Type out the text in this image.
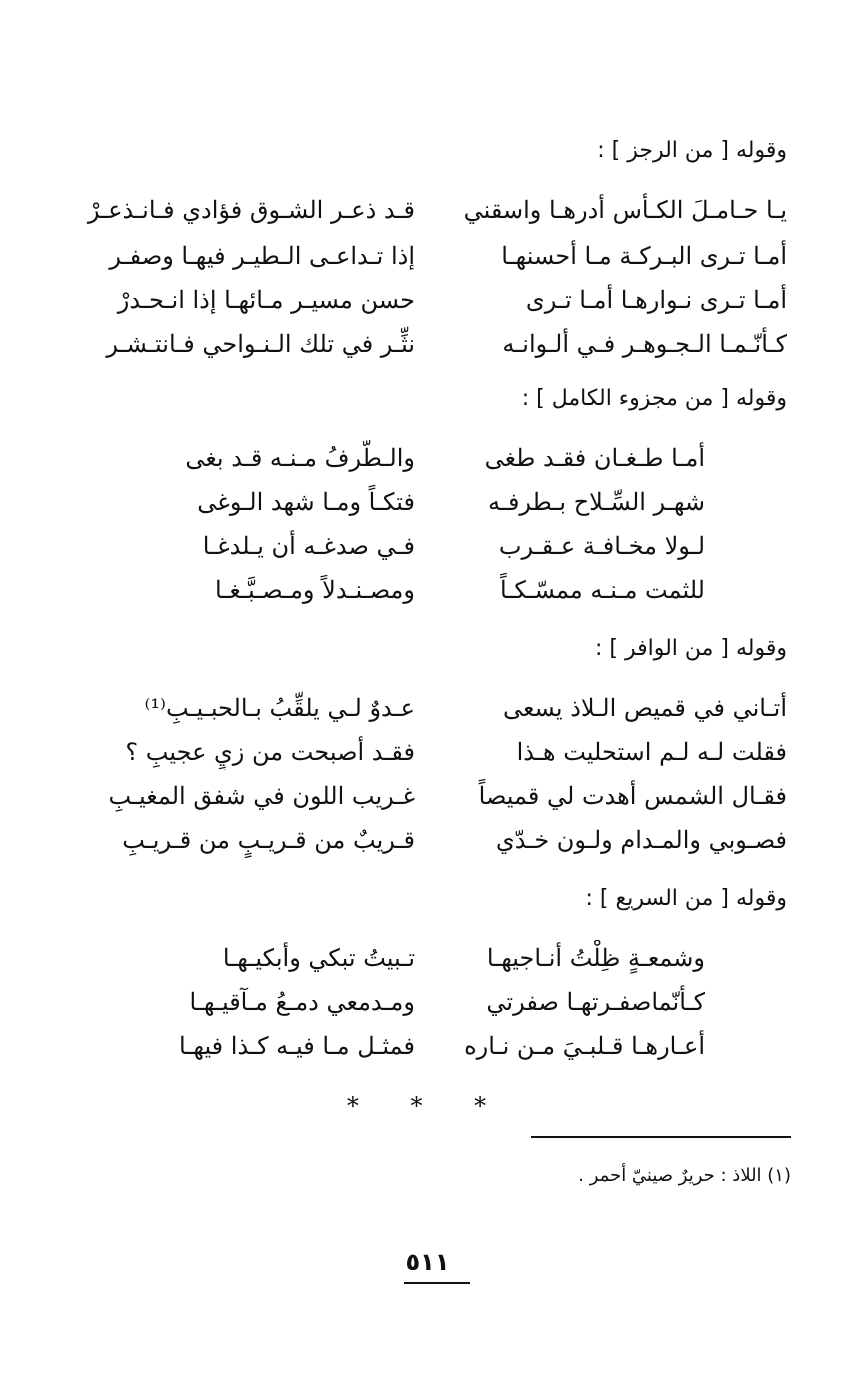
وقوله [ من الرجز ] :
يـا حـامـلَ الكـأس أدرهـا واسقني
قـد ذعـر الشـوق فؤادي فـانـذعـرْ
أمـا تـرى البـركـة مـا أحسنهـا
إذا تـداعـى الـطيـر فيهـا وصفـر
أمـا تـرى نـوارهـا أمـا تـرى
حسن مسيـر مـائهـا إذا انـحـدرْ
كـأنّـمـا الـجـوهـر فـي ألـوانـه
نثِّـر في تلك الـنـواحي فـانتـشـر
وقوله [ من مجزوء الكامل ] :
أمـا طـغـان فقـد طغى
والـطَّرفُ مـنـه قـد بغى
شهـر السِّـلاح بـطرفـه
فتكـاً ومـا شهد الـوغى
لـولا مخـافـة عـقـرب
فـي صدغـه أن يـلدغـا
للثمت مـنـه ممسّـكـاً
ومصـنـدلاً ومـصـبَّـغـا
وقوله [ من الوافر ] :
أتـاني في قميص الـلاذ يسعى
عـدوٌ لـي يلقِّبُ بـالحبـيـبِ⁽¹⁾
فقلت لـه لـم استحليت هـذا
فقـد أصبحت من زيٍ عجيبِ ؟
فقـال الشمس أهدت لي قميصاً
غـريب اللون في شفق المغيـبِ
فصـوبي والمـدام ولـون خـدّي
قـريبٌ من قـريـبٍ من قـريـبِ
وقوله [ من السريع ] :
وشمعـةٍ ظِلْتُ أنـاجيهـا
تـبيتُ تبكي وأبكيـهـا
كـأنّماصفـرتهـا صفرتي
ومـدمعي دمـعُ مـآقيـهـا
أعـارهـا قـلبـيَ مـن نـاره
فمثـل مـا فيـه كـذا فيهـا
* * *
(١) اللاذ : حريرٌ صينيّ أحمر .
٥١١
